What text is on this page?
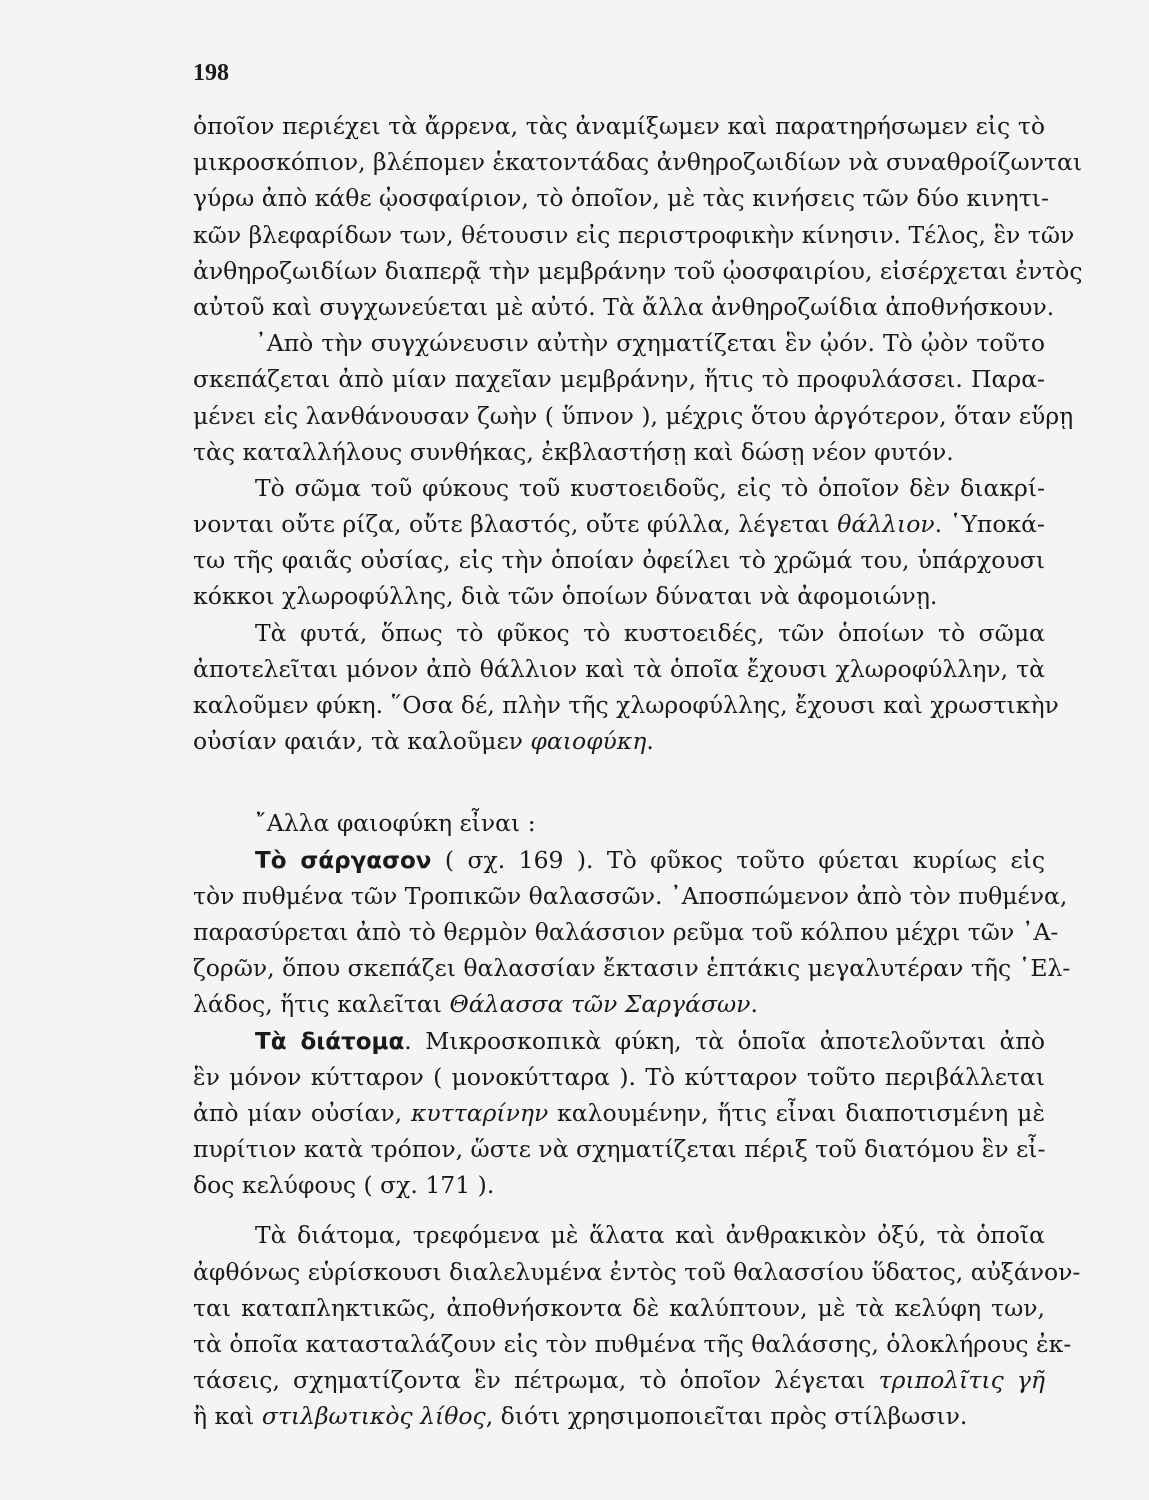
198
ὁποῖον περιέχει τὰ ἄρρενα, τὰς ἀναμίξωμεν καὶ παρατηρήσωμεν εἰς τὸ
μικροσκόπιον, βλέπομεν ἑκατοντάδας ἀνθηροζωιδίων νὰ συναθροίζωνται
γύρω ἀπὸ κάθε ᾠοσφαίριον, τὸ ὁποῖον, μὲ τὰς κινήσεις τῶν δύο κινητι-
κῶν βλεφαρίδων των, θέτουσιν εἰς περιστροφικὴν κίνησιν. Τέλος, ἓν τῶν
ἀνθηροζωιδίων διαπερᾷ τὴν μεμβράνην τοῦ ᾠοσφαιρίου, εἰσέρχεται ἐντὸς
αὐτοῦ καὶ συγχωνεύεται μὲ αὐτό. Τὰ ἄλλα ἀνθηροζωίδια ἀποθνήσκουν.
᾿Απὸ τὴν συγχώνευσιν αὐτὴν σχηματίζεται ἓν ᾠόν. Τὸ ᾠὸν τοῦτο
σκεπάζεται ἀπὸ μίαν παχεῖαν μεμβράνην, ἥτις τὸ προφυλάσσει. Παρα-
μένει εἰς λανθάνουσαν ζωὴν ( ὕπνον ), μέχρις ὅτου ἀργότερον, ὅταν εὕρῃ
τὰς καταλλήλους συνθήκας, ἐκβλαστήσῃ καὶ δώσῃ νέον φυτόν.
Τὸ σῶμα τοῦ φύκους τοῦ κυστοειδοῦς, εἰς τὸ ὁποῖον δὲν διακρί-
νονται οὔτε ρίζα, οὔτε βλαστός, οὔτε φύλλα, λέγεται θάλλιον. ῾Υποκά-
τω τῆς φαιᾶς οὐσίας, εἰς τὴν ὁποίαν ὀφείλει τὸ χρῶμά του, ὑπάρχουσι
κόκκοι χλωροφύλλης, διὰ τῶν ὁποίων δύναται νὰ ἀφομοιώνῃ.
Τὰ φυτά, ὅπως τὸ φῦκος τὸ κυστοειδές, τῶν ὁποίων τὸ σῶμα
ἀποτελεῖται μόνον ἀπὸ θάλλιον καὶ τὰ ὁποῖα ἔχουσι χλωροφύλλην, τὰ
καλοῦμεν φύκη. ῞Οσα δέ, πλὴν τῆς χλωροφύλλης, ἔχουσι καὶ χρωστικὴν
οὐσίαν φαιάν, τὰ καλοῦμεν φαιοφύκη.
῎Αλλα φαιοφύκη εἶναι :
Τὸ σάργασον ( σχ. 169 ). Τὸ φῦκος τοῦτο φύεται κυρίως εἰς
τὸν πυθμένα τῶν Τροπικῶν θαλασσῶν. ᾿Αποσπώμενον ἀπὸ τὸν πυθμένα,
παρασύρεται ἀπὸ τὸ θερμὸν θαλάσσιον ρεῦμα τοῦ κόλπου μέχρι τῶν ᾿Α-
ζορῶν, ὅπου σκεπάζει θαλασσίαν ἔκτασιν ἑπτάκις μεγαλυτέραν τῆς ῾Ελ-
λάδος, ἥτις καλεῖται Θάλασσα τῶν Σαργάσων.
Τὰ διάτομα. Μικροσκοπικὰ φύκη, τὰ ὁποῖα ἀποτελοῦνται ἀπὸ
ἓν μόνον κύτταρον ( μονοκύτταρα ). Τὸ κύτταρον τοῦτο περιβάλλεται
ἀπὸ μίαν οὐσίαν, κυτταρίνην καλουμένην, ἥτις εἶναι διαποτισμένη μὲ
πυρίτιον κατὰ τρόπον, ὥστε νὰ σχηματίζεται πέριξ τοῦ διατόμου ἓν εἶ-
δος κελύφους ( σχ. 171 ).
Τὰ διάτομα, τρεφόμενα μὲ ἅλατα καὶ ἀνθρακικὸν ὀξύ, τὰ ὁποῖα
ἀφθόνως εὑρίσκουσι διαλελυμένα ἐντὸς τοῦ θαλασσίου ὕδατος, αὐξάνον-
ται καταπληκτικῶς, ἀποθνήσκοντα δὲ καλύπτουν, μὲ τὰ κελύφη των,
τὰ ὁποῖα κατασταλάζουν εἰς τὸν πυθμένα τῆς θαλάσσης, ὁλοκλήρους ἐκ-
τάσεις, σχηματίζοντα ἓν πέτρωμα, τὸ ὁποῖον λέγεται τριπολῖτις γῆ
ἢ καὶ στιλβωτικὸς λίθος, διότι χρησιμοποιεῖται πρὸς στίλβωσιν.
